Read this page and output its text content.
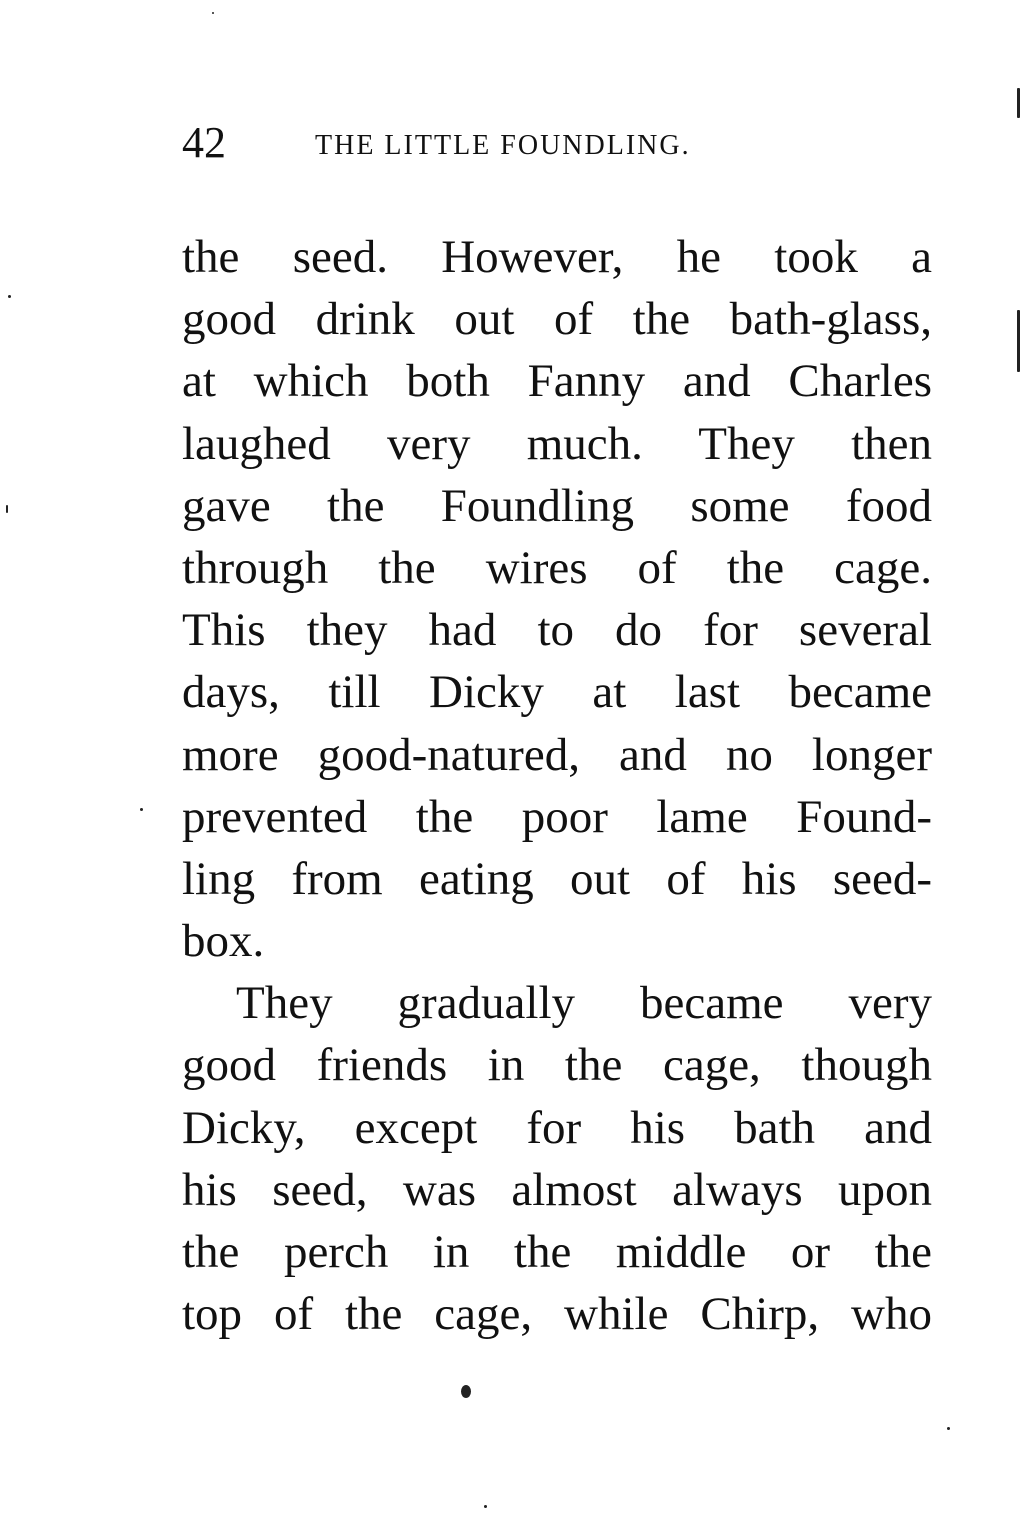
42	THE LITTLE FOUNDLING.
the seed. However, he took a
good drink out of the bath-glass,
at which both Fanny and Charles
laughed very much. They then
gave the Foundling some food
through the wires of the cage.
This they had to do for several
days, till Dicky at last became
more good-natured, and no longer
prevented the poor lame Found-
ling from eating out of his seed-
box.
They gradually became very
good friends in the cage, though
Dicky, except for his bath and
his seed, was almost always upon
the perch in the middle or the
top of the cage, while Chirp, who
